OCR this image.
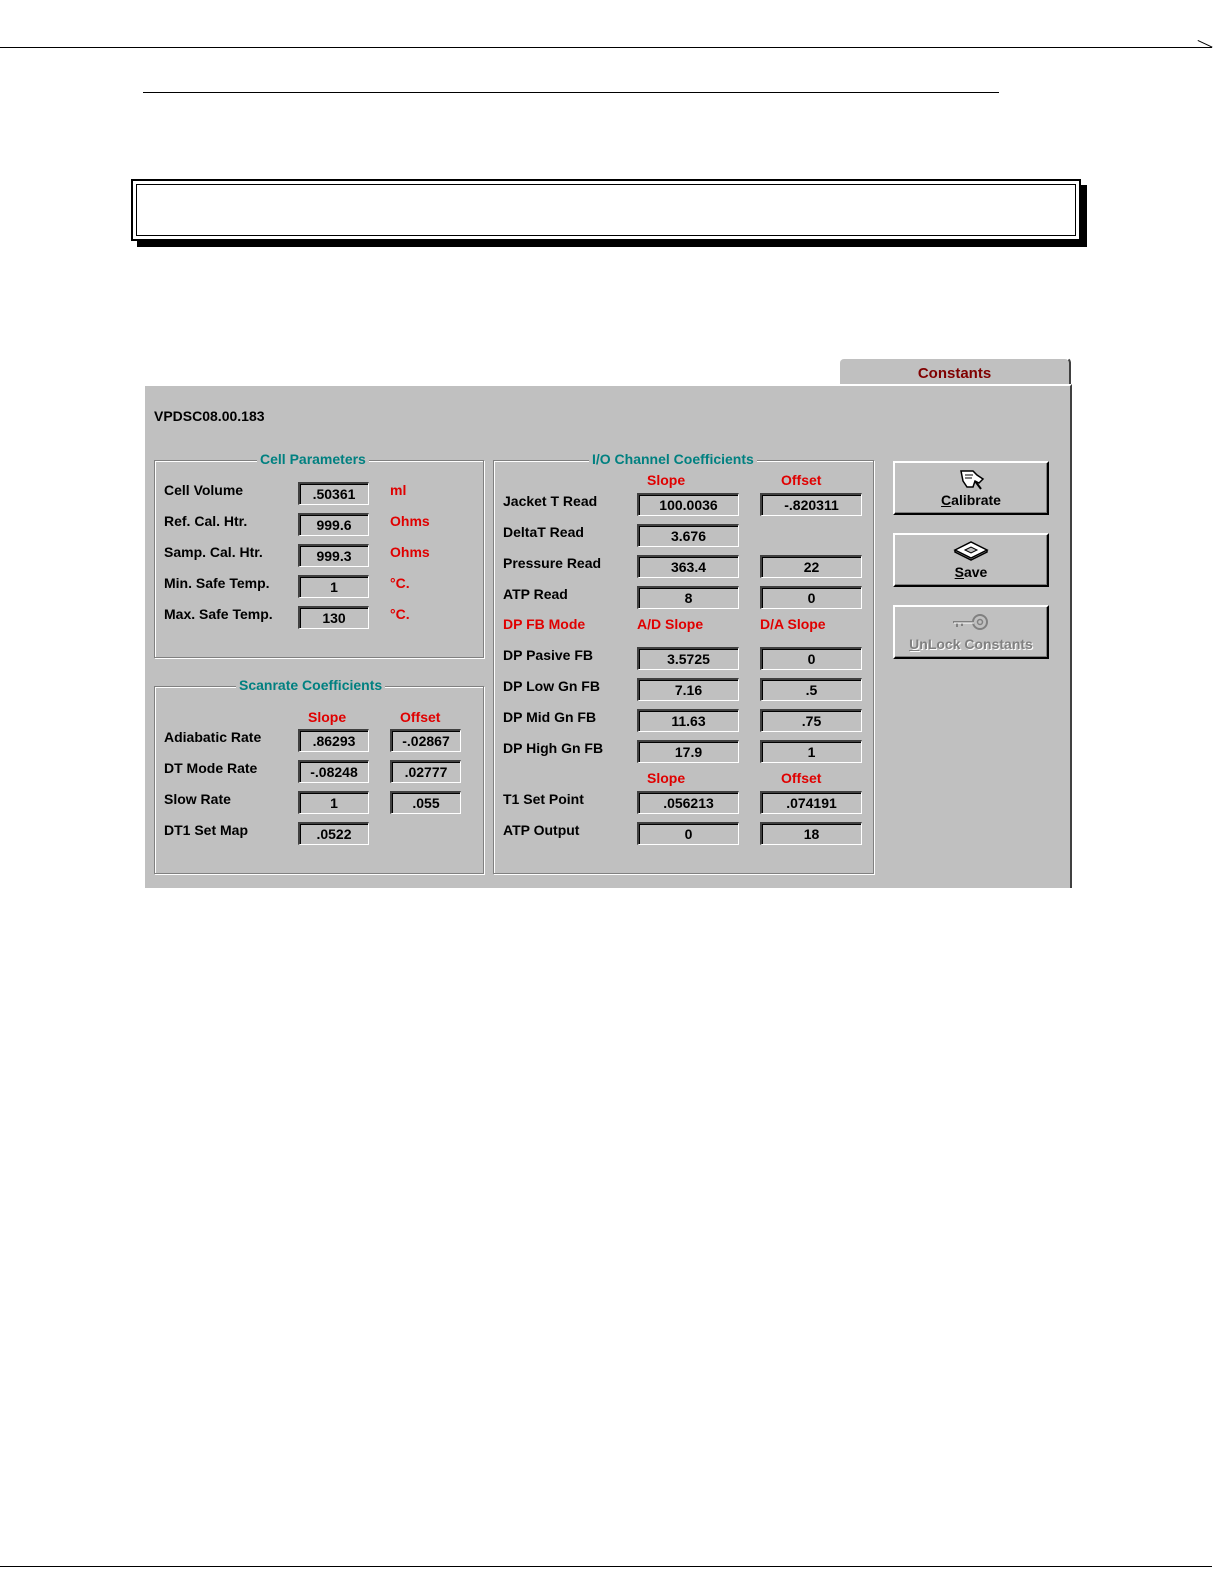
Constants
VPDSC08.00.183
Cell Parameters
Cell Volume	.50361	ml
Ref. Cal. Htr.	999.6	Ohms
Samp. Cal. Htr.	999.3	Ohms
Min. Safe Temp.	1	°C.
Max. Safe Temp.	130	°C.
Scanrate Coefficients
Slope	Offset
Adiabatic Rate	.86293	-.02867
DT Mode Rate	-.08248	.02777
Slow Rate	1	.055
DT1 Set Map	.0522
I/O Channel Coefficients
Slope	Offset
Jacket T Read	100.0036	-.820311
DeltaT Read	3.676
Pressure Read	363.4	22
ATP Read	8	0
DP FB Mode	A/D Slope	D/A Slope
DP Pasive FB	3.5725	0
DP Low Gn FB	7.16	.5
DP Mid Gn FB	11.63	.75
DP High Gn FB	17.9	1
Slope	Offset
T1 Set Point	.056213	.074191
ATP Output	0	18
Calibrate
Save
UnLock Constants
